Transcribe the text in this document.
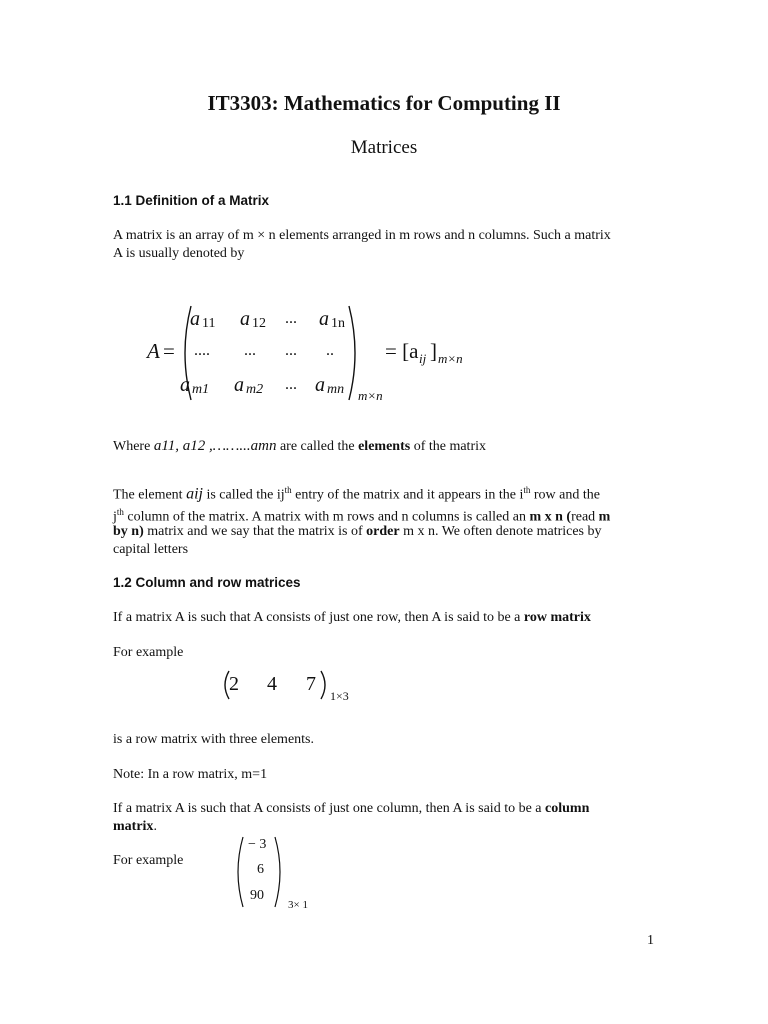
IT3303: Mathematics for Computing II
Matrices
1.1 Definition of a Matrix
A matrix is an array of m × n elements arranged in m rows and n columns. Such a matrix
A is usually denoted by
A =
a 11 a 12 ... a 1n
.... ... ... ..
a m1 a m2 ... a mn m×n
= [a ij ] m×n
Where a11, a12 ,……...amn are called the elements of the matrix
The element aij is called the $ij^{th}$ entry of the matrix and it appears in the $i^{th}$ row and the
$j^{th}$ column of the matrix. A matrix with m rows and n columns is called an m x n (read m
by n) matrix and we say that the matrix is of order m x n. We often denote matrices by
capital letters
1.2 Column and row matrices
If a matrix A is such that A consists of just one row, then A is said to be a row matrix
For example
2 4 7
1×3
is a row matrix with three elements.
Note: In a row matrix, m=1
If a matrix A is such that A consists of just one column, then A is said to be a column
matrix.
For example
− 3
6
90
3× 1
1
